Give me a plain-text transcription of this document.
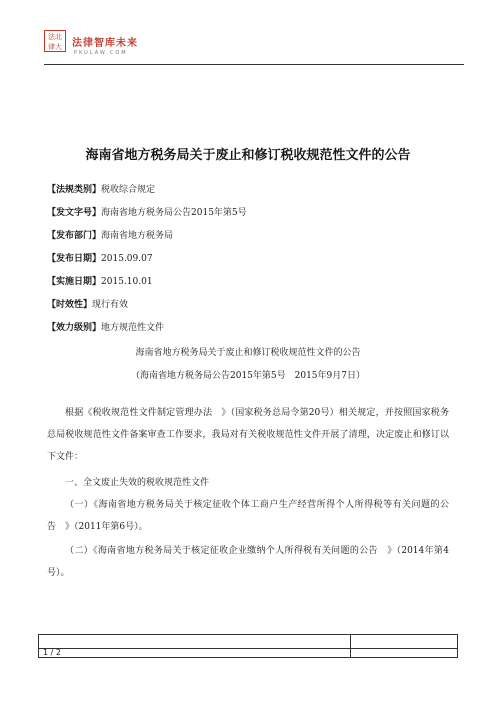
法北
律大	法律智库未来
PKULAW.COM
海南省地方税务局关于废止和修订税收规范性文件的公告
【法规类别】税收综合规定
【发文字号】海南省地方税务局公告2015年第5号
【发布部门】海南省地方税务局
【发布日期】2015.09.07
【实施日期】2015.10.01
【时效性】现行有效
【效力级别】地方规范性文件
海南省地方税务局关于废止和修订税收规范性文件的公告
（海南省地方税务局公告2015年第5号　2015年9月7日）
根据《税收规范性文件制定管理办法　》（国家税务总局令第20号）相关规定，并按照国家税务总局税收规范性文件备案审查工作要求，我局对有关税收规范性文件开展了清理，决定废止和修订以下文件：
一、全文废止失效的税收规范性文件
（一）《海南省地方税务局关于核定征收个体工商户生产经营所得个人所得税等有关问题的公告　》（2011年第6号）。
（二）《海南省地方税务局关于核定征收企业缴纳个人所得税有关问题的公告　》（2014年第4号）。
1 / 2
